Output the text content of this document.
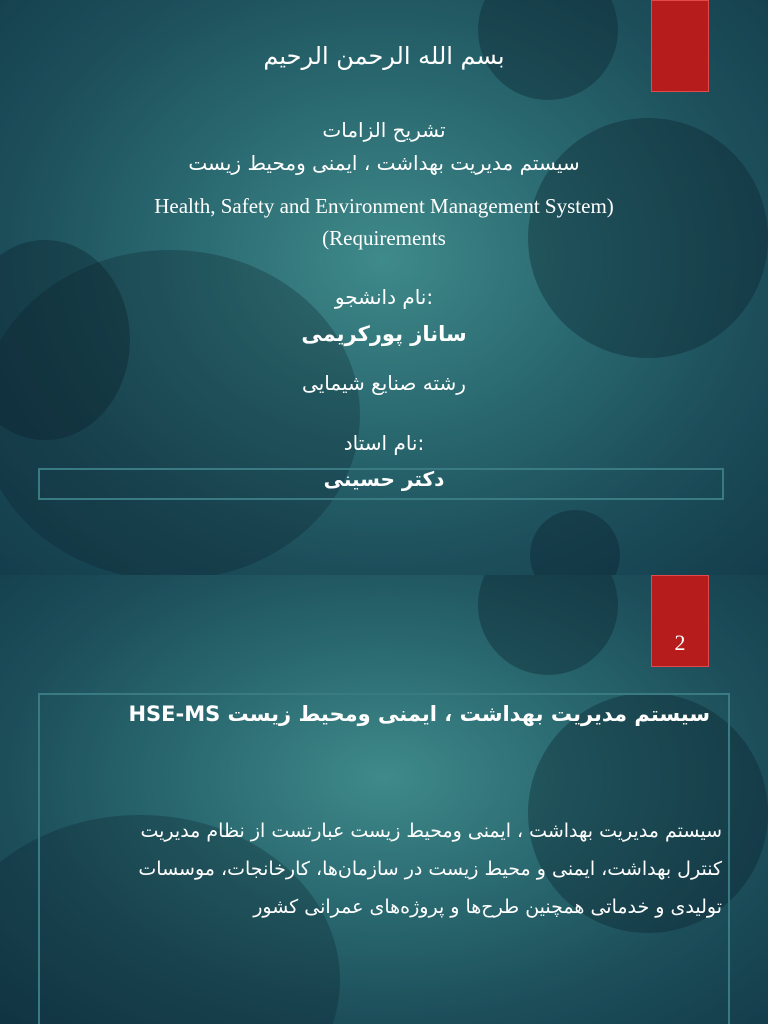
بسم الله الرحمن الرحیم
تشریح الزامات
سیستم مدیریت بهداشت ، ایمنی ومحیط زیست
Health, Safety and Environment Management System)
(Requirements
نام دانشجو:
ساناز پورکریمی
رشته صنایع شیمایی
نام استاد:
دکتر حسینی
2
سیستم مدیریت بهداشت ، ایمنی ومحیط زیست HSE-MS
سیستم مدیریت بهداشت ، ایمنی ومحیط زیست عبارتست از نظام مدیریت
کنترل بهداشت، ایمنی و محیط زیست در سازمان‌ها، کارخانجات، موسسات
تولیدی و خدماتی همچنین طرح‌ها و پروژه‌های عمرانی کشور
